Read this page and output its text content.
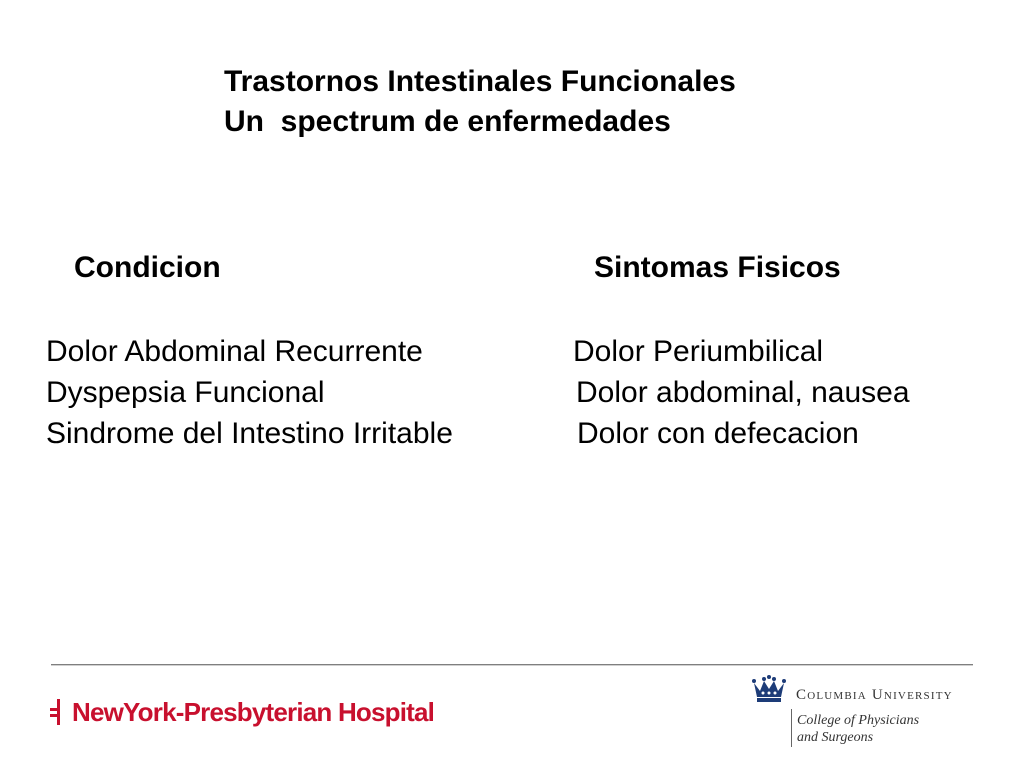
Trastornos Intestinales Funcionales
Un  spectrum de enfermedades
Condicion	Sintomas Fisicos
Dolor Abdominal Recurrente
Dyspepsia Funcional
Sindrome del Intestino Irritable
Dolor Periumbilical
Dolor abdominal, nausea
Dolor con defecacion
NewYork-Presbyterian Hospital
Columbia University
College of Physicians
and Surgeons
